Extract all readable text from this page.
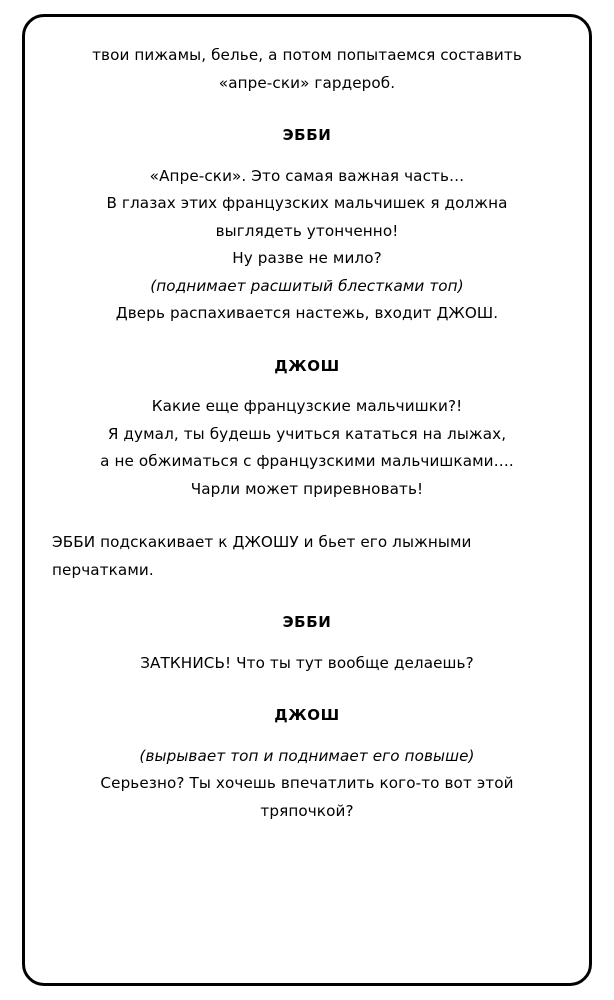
твои пижамы, белье, а потом попытаемся составить
«апре-ски» гардероб.
ЭББИ
«Апре-ски». Это самая важная часть…
В глазах этих французских мальчишек я должна
выглядеть утонченно!
Ну разве не мило?
(поднимает расшитый блестками топ)
Дверь распахивается настежь, входит ДЖОШ.
ДЖОШ
Какие еще французские мальчишки?!
Я думал, ты будешь учиться кататься на лыжах,
а не обжиматься с французскими мальчишками….
Чарли может приревновать!
ЭББИ подскакивает к ДЖОШУ и бьет его лыжными
перчатками.
ЭББИ
ЗАТКНИСЬ! Что ты тут вообще делаешь?
ДЖОШ
(вырывает топ и поднимает его повыше)
Серьезно? Ты хочешь впечатлить кого-то вот этой
тряпочкой?
